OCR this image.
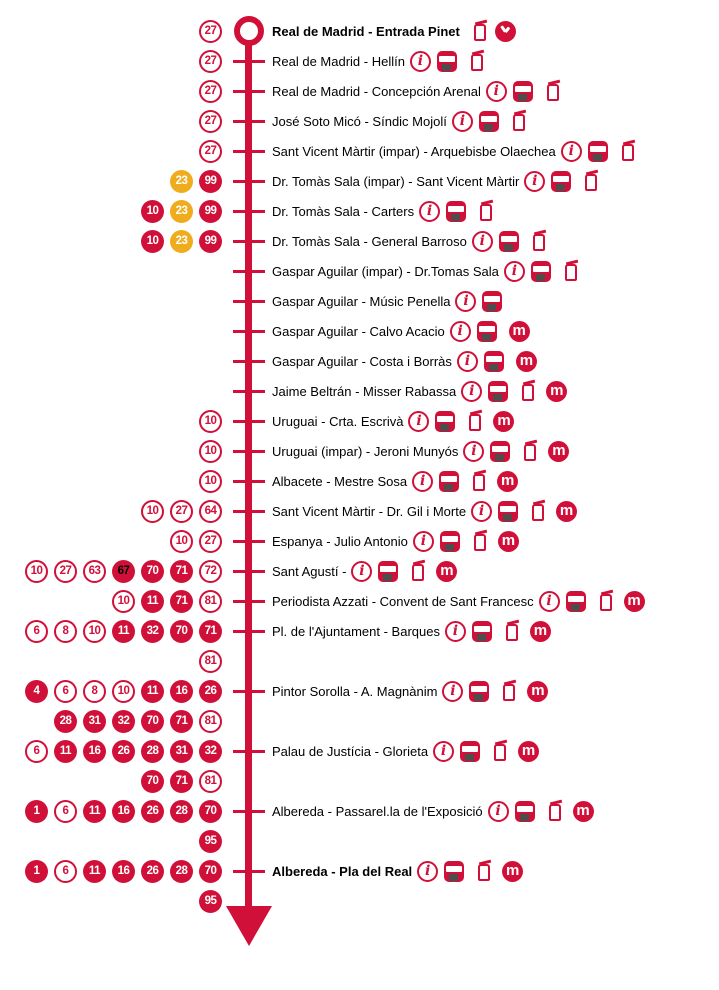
27	Real de Madrid - Entrada Pinet
27	Real de Madrid - Hellín i
27	Real de Madrid - Concepción Arenal i
27	José Soto Micó - Síndic Mojolí i
27	Sant Vicent Màrtir (impar) - Arquebisbe Olaechea i
23	99	Dr. Tomàs Sala (impar) - Sant Vicent Màrtir i
10	23	99	Dr. Tomàs Sala - Carters i
10	23	99	Dr. Tomàs Sala - General Barroso i
Gaspar Aguilar (impar) - Dr.Tomas Sala i
Gaspar Aguilar - Músic Penella i
Gaspar Aguilar - Calvo Acacio i	m
Gaspar Aguilar - Costa i Borràs i	m
Jaime Beltrán - Misser Rabassa i	m
10	Uruguai - Crta. Escrivà i	m
10	Uruguai (impar) - Jeroni Munyós i	m
10	Albacete - Mestre Sosa i	m
10	27	64	Sant Vicent Màrtir - Dr. Gil i Morte i	m
10	27	Espanya - Julio Antonio i	m
10	27	63	67	70	71	72	Sant Agustí - i	m
10	11	71	81	Periodista Azzati - Convent de Sant Francesc i	m
6	8	10	11	32	70	71	Pl. de l'Ajuntament - Barques i	m
81
4	6	8	10	11	16	26	Pintor Sorolla - A. Magnànim i	m
28	31	32	70	71	81
6	11	16	26	28	31	32	Palau de Justícia - Glorieta i	m
70	71	81
1	6	11	16	26	28	70	Albereda - Passarel.la de l'Exposició i	m
95
1	6	11	16	26	28	70	Albereda - Pla del Real i	m
95
